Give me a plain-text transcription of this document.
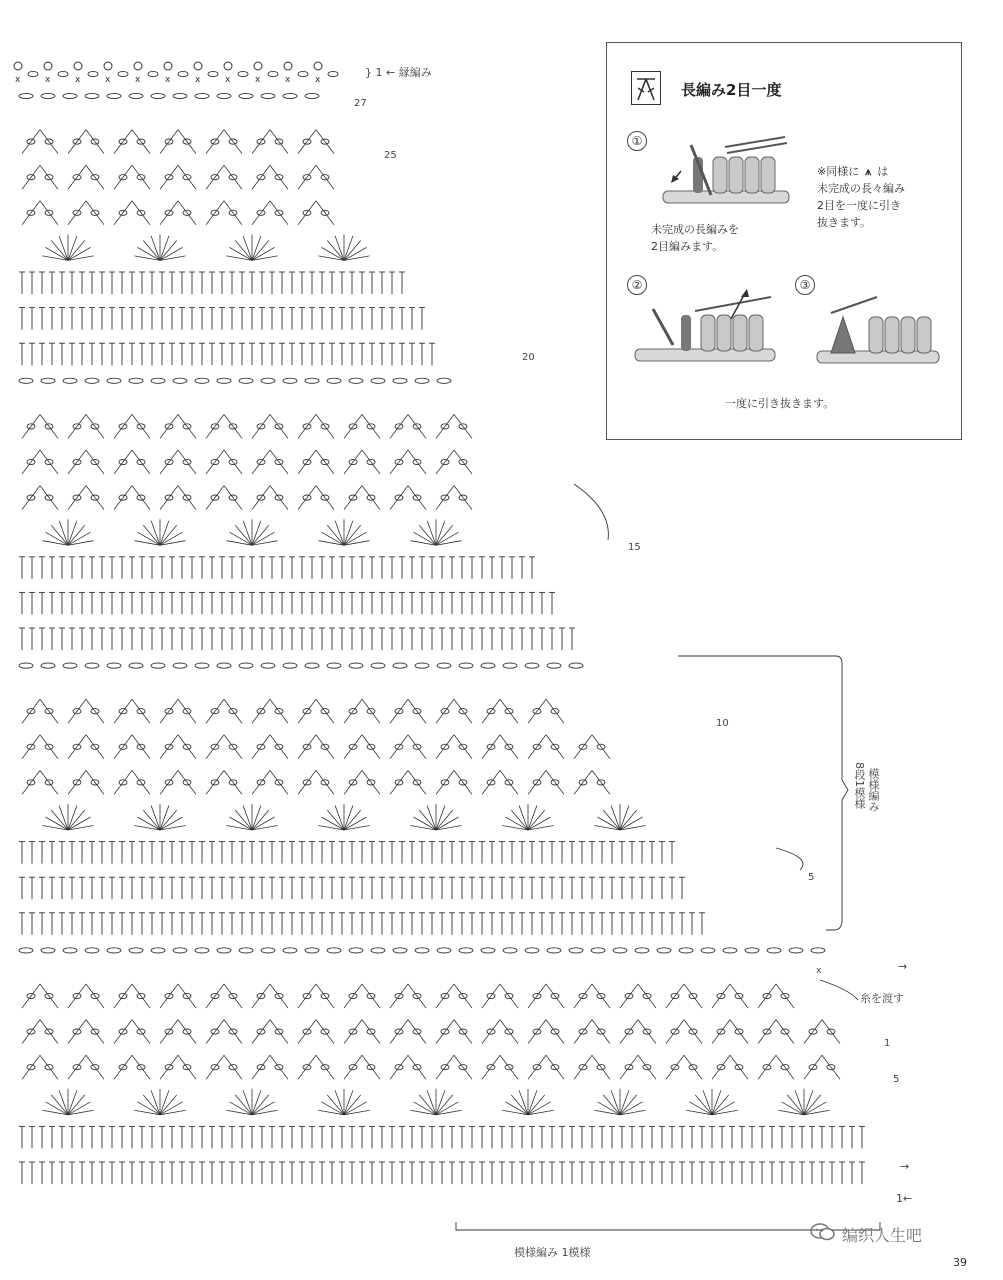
x	x	x	x	x	x	x	x	x	x	x
} 1 ← 縁編み
27
25
20
15
10
5
1
5
糸を渡す
x
模様編み 1模様
模様編み
8段1模様
→
→
1←
長編み2目一度
①
未完成の長編みを
2目編みます。
※同様に ⩚ は
未完成の長々編み
2目を一度に引き
抜きます。
②	③
一度に引き抜きます。
编织人生吧
39
